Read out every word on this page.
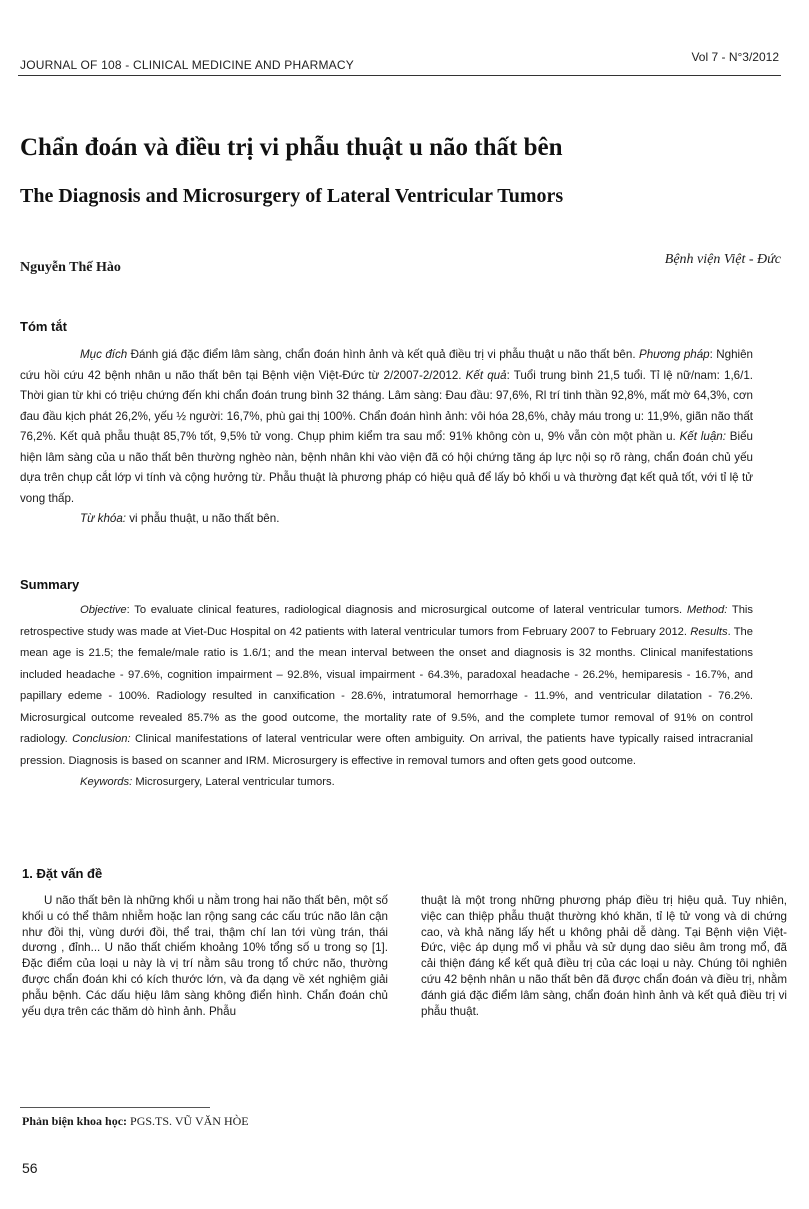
JOURNAL OF 108 - CLINICAL MEDICINE AND PHARMACY
Vol 7 - N°3/2012
Chẩn đoán và điều trị vi phẫu thuật u não thất bên
The Diagnosis and Microsurgery of Lateral Ventricular Tumors
Nguyễn Thế Hào
Bệnh viện Việt - Đức
Tóm tắt

Mục đích Đánh giá đặc điểm lâm sàng, chẩn đoán hình ảnh và kết quả điều trị vi phẫu thuật u não thất bên. Phương pháp: Nghiên cứu hồi cứu 42 bệnh nhân u não thất bên tại Bệnh viện Việt-Đức từ 2/2007-2/2012. Kết quả: Tuổi trung bình 21,5 tuổi. Tỉ lệ nữ/nam: 1,6/1. Thời gian từ khi có triệu chứng đến khi chẩn đoán trung bình 32 tháng. Lâm sàng: Đau đầu: 97,6%, Rl trí tinh thần 92,8%, mất mờ 64,3%, cơn đau đầu kịch phát 26,2%, yếu ½ người: 16,7%, phù gai thị 100%. Chẩn đoán hình ảnh: vôi hóa 28,6%, chảy máu trong u: 11,9%, giãn não thất 76,2%. Kết quả phẫu thuật 85,7% tốt, 9,5% tử vong. Chụp phim kiểm tra sau mổ: 91% không còn u, 9% vẫn còn một phần u. Kết luận: Biểu hiện lâm sàng của u não thất bên thường nghèo nàn, bệnh nhân khi vào viện đã có hội chứng tăng áp lực nội sọ rõ ràng, chẩn đoán chủ yếu dựa trên chụp cắt lớp vi tính và cộng hưởng từ. Phẫu thuật là phương pháp có hiệu quả để lấy bỏ khối u và thường đạt kết quả tốt, với tỉ lệ tử vong thấp.

Từ khóa: vi phẫu thuật, u não thất bên.

Summary

Objective: To evaluate clinical features, radiological diagnosis and microsurgical outcome of lateral ventricular tumors. Method: This retrospective study was made at Viet-Duc Hospital on 42 patients with lateral ventricular tumors from February 2007 to February 2012. Results. The mean age is 21.5; the female/male ratio is 1.6/1; and the mean interval between the onset and diagnosis is 32 months. Clinical manifestations included headache - 97.6%, cognition impairment – 92.8%, visual impairment - 64.3%, paradoxal headache - 26.2%, hemiparesis - 16.7%, and papillary edeme - 100%. Radiology resulted in canxification - 28.6%, intratumoral hemorrhage - 11.9%, and ventricular dilatation - 76.2%. Microsurgical outcome revealed 85.7% as the good outcome, the mortality rate of 9.5%, and the complete tumor removal of 91% on control radiology. Conclusion: Clinical manifestations of lateral ventricular were often ambiguity. On arrival, the patients have typically raised intracranial pression. Diagnosis is based on scanner and IRM. Microsurgery is effective in removal tumors and often gets good outcome.

Keywords: Microsurgery, Lateral ventricular tumors.

1. Đặt vấn đề

U não thất bên là những khối u nằm trong hai não thất bên, một số khối u có thể thâm nhiễm hoặc lan rộng sang các cấu trúc não lân cận như đồi thị, vùng dưới đồi, thể trai, thậm chí lan tới vùng trán, thái dương , đỉnh... U não thất chiếm khoảng 10% tổng số u trong sọ [1]. Đặc điểm của loại u này là vị trí nằm sâu trong tổ chức não, thường được chẩn đoán khi có kích thước lớn, và đa dạng về xét nghiệm giải phẫu bệnh. Các dấu hiệu lâm sàng không điển hình. Chẩn đoán chủ yếu dựa trên các thăm dò hình ảnh. Phẫu

thuật là một trong những phương pháp điều trị hiệu quả. Tuy nhiên, việc can thiệp phẫu thuật thường khó khăn, tỉ lệ tử vong và di chứng cao, và khả năng lấy hết u không phải dễ dàng. Tại Bệnh viện Việt-Đức, việc áp dụng mổ vi phẫu và sử dụng dao siêu âm trong mổ, đã cải thiện đáng kể kết quả điều trị của các loại u này. Chúng tôi nghiên cứu 42 bệnh nhân u não thất bên đã được chẩn đoán và điều trị, nhằm đánh giá đặc điểm lâm sàng, chẩn đoán hình ảnh và kết quả điều trị vi phẫu thuật.

Phản biện khoa học: PGS.TS. VŨ VĂN HÒE
56
